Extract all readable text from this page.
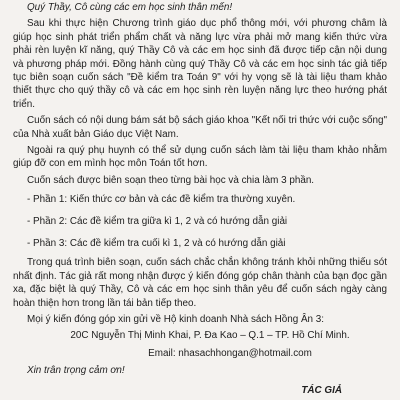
Quý Thầy, Cô cùng các em học sinh thân mến!

Sau khi thực hiện Chương trình giáo dục phổ thông mới, với phương châm là giúp học sinh phát triển phẩm chất và năng lực vừa phải mở mang kiến thức vừa phải rèn luyện kĩ năng, quý Thầy Cô và các em học sinh đã được tiếp cận nội dung và phương pháp mới. Đồng hành cùng quý Thầy Cô và các em học sinh tác giả tiếp tục biên soạn cuốn sách "Đề kiểm tra Toán 9" với hy vọng sẽ là tài liệu tham khảo thiết thực cho quý thầy cô và các em học sinh rèn luyện năng lực theo hướng phát triển.

Cuốn sách có nội dung bám sát bộ sách giáo khoa "Kết nối tri thức với cuộc sống" của Nhà xuất bản Giáo dục Việt Nam.

Ngoài ra quý phụ huynh có thể sử dụng cuốn sách làm tài liệu tham khảo nhằm giúp đỡ con em mình học môn Toán tốt hơn.

Cuốn sách được biên soạn theo từng bài học và chia làm 3 phần.

- Phần 1: Kiến thức cơ bản và các đề kiểm tra thường xuyên.
- Phần 2: Các đề kiểm tra giữa kì 1, 2 và có hướng dẫn giải
- Phần 3: Các đề kiểm tra cuối kì 1, 2 và có hướng dẫn giải

Trong quá trình biên soạn, cuốn sách chắc chắn không tránh khỏi những thiếu sót nhất định. Tác giả rất mong nhận được ý kiến đóng góp chân thành của bạn đọc gần xa, đặc biệt là quý Thầy, Cô và các em học sinh thân yêu để cuốn sách ngày càng hoàn thiện hơn trong lần tái bản tiếp theo.

Mọi ý kiến đóng góp xin gửi về Hộ kinh doanh Nhà sách Hồng Ân 3:

20C Nguyễn Thị Minh Khai, P. Đa Kao – Q.1 – TP. Hồ Chí Minh.
Email: nhasachhongan@hotmail.com
Xin trân trọng cảm ơn!
TÁC GIẢ
